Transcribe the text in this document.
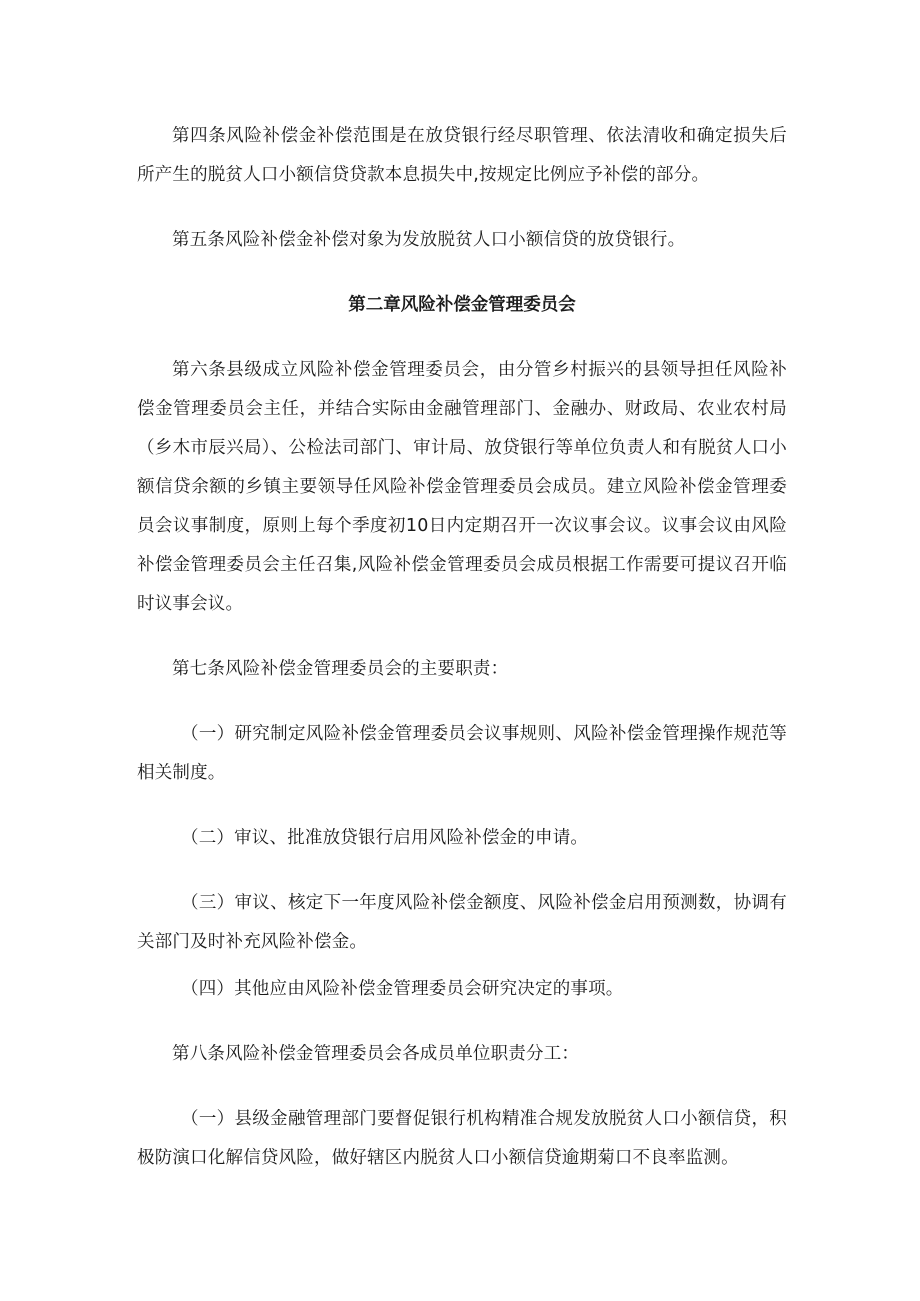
第四条风险补偿金补偿范围是在放贷银行经尽职管理、依法清收和确定损失后所产生的脱贫人口小额信贷贷款本息损失中,按规定比例应予补偿的部分。

第五条风险补偿金补偿对象为发放脱贫人口小额信贷的放贷银行。

第二章风险补偿金管理委员会

第六条县级成立风险补偿金管理委员会，由分管乡村振兴的县领导担任风险补偿金管理委员会主任，并结合实际由金融管理部门、金融办、财政局、农业农村局（乡木市辰兴局）、公检法司部门、审计局、放贷银行等单位负责人和有脱贫人口小额信贷余额的乡镇主要领导任风险补偿金管理委员会成员。建立风险补偿金管理委员会议事制度，原则上每个季度初10日内定期召开一次议事会议。议事会议由风险补偿金管理委员会主任召集,风险补偿金管理委员会成员根据工作需要可提议召开临时议事会议。

第七条风险补偿金管理委员会的主要职责：

（一）研究制定风险补偿金管理委员会议事规则、风险补偿金管理操作规范等相关制度。

（二）审议、批准放贷银行启用风险补偿金的申请。

（三）审议、核定下一年度风险补偿金额度、风险补偿金启用预测数，协调有关部门及时补充风险补偿金。

（四）其他应由风险补偿金管理委员会研究决定的事项。

第八条风险补偿金管理委员会各成员单位职责分工：

（一）县级金融管理部门要督促银行机构精准合规发放脱贫人口小额信贷，积极防演口化解信贷风险，做好辖区内脱贫人口小额信贷逾期菊口不良率监测。
